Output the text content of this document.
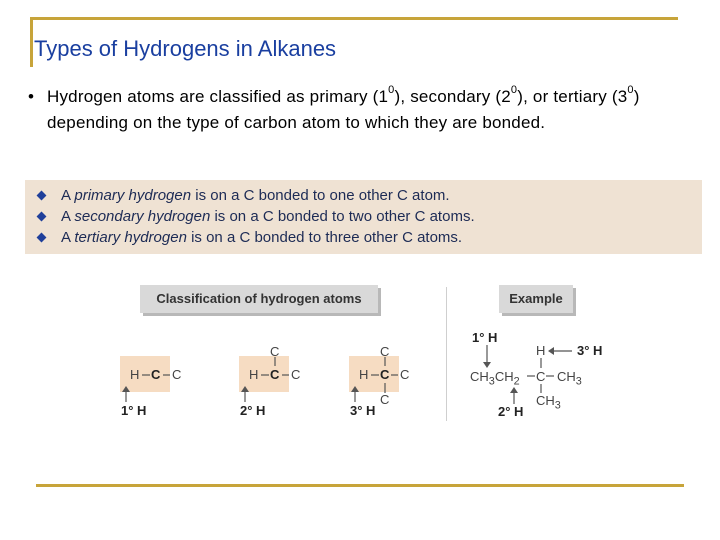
Types of Hydrogens in Alkanes
• Hydrogen atoms are classified as primary $(1^0)$, secondary $(2^0)$, or tertiary $(3^0)$ depending on the type of carbon atom to which they are bonded.
A primary hydrogen is on a C bonded to one other C atom.
A secondary hydrogen is on a C bonded to two other C atoms.
A tertiary hydrogen is on a C bonded to three other C atoms.
Classification of hydrogen atoms	Example
H C C
1° H
C
H C C
2° H
C
H C C
C
3° H
1° H
H 3° H
$CH_3CH_2$ C $CH_3$
$CH_3$
2° H
